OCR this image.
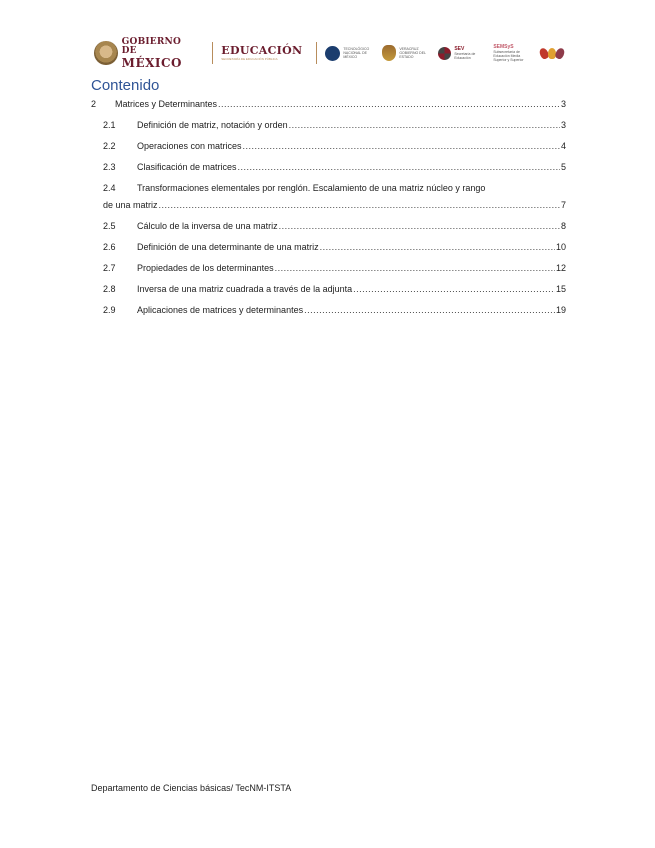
GOBIERNO DE
MÉXICO
EDUCACIÓN
SECRETARÍA DE EDUCACIÓN PÚBLICA
TECNOLÓGICO NACIONAL DE MÉXICO
VERACRUZ GOBIERNO DEL ESTADO
SEV
Secretaría de Educación
SEMSyS
Subsecretaría de Educación Media Superior y Superior
Contenido
2	Matrices y Determinantes .....	3
2.1	Definición de matriz, notación y orden .....	3
2.2	Operaciones con matrices .....	4
2.3	Clasificación de matrices .....	5
2.4	Transformaciones elementales por renglón. Escalamiento de una matriz núcleo y rango
de una matriz .....	7
2.5	Cálculo de la inversa de una matriz .....	8
2.6	Definición de una determinante de una matriz .....	10
2.7	Propiedades de los determinantes .....	12
2.8	Inversa de una matriz cuadrada a través de la adjunta .....	15
2.9	Aplicaciones de matrices y determinantes .....	19
Departamento de Ciencias básicas/ TecNM-ITSTA
